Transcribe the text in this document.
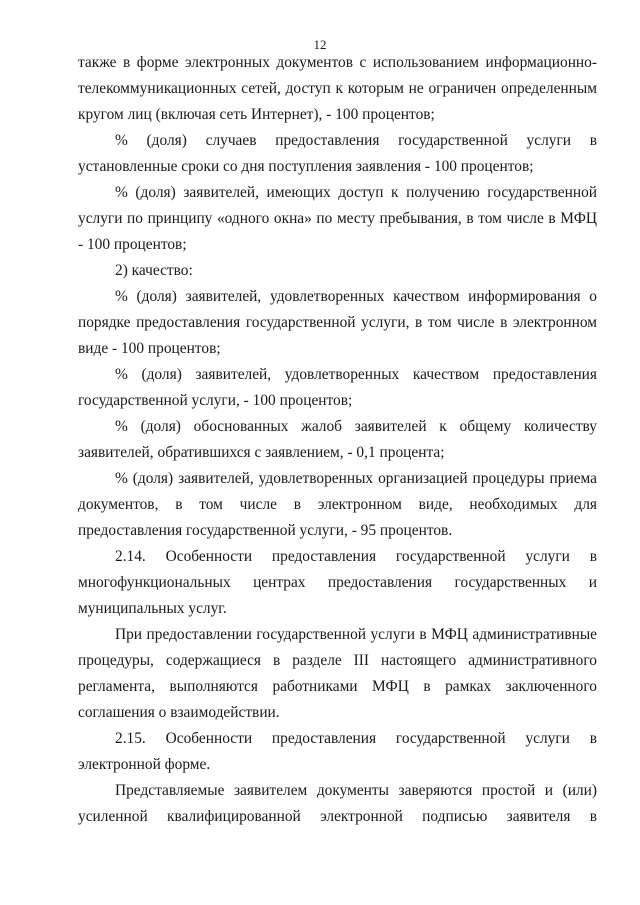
12

также в форме электронных документов с использованием информационно-телекоммуникационных сетей, доступ к которым не ограничен определенным кругом лиц (включая сеть Интернет), - 100 процентов;

% (доля) случаев предоставления государственной услуги в установленные сроки со дня поступления заявления - 100 процентов;

% (доля) заявителей, имеющих доступ к получению государственной услуги по принципу «одного окна» по месту пребывания, в том числе в МФЦ - 100 процентов;

2) качество:

% (доля) заявителей, удовлетворенных качеством информирования о порядке предоставления государственной услуги, в том числе в электронном виде - 100 процентов;

% (доля) заявителей, удовлетворенных качеством предоставления государственной услуги, - 100 процентов;

% (доля) обоснованных жалоб заявителей к общему количеству заявителей, обратившихся с заявлением, - 0,1 процента;

% (доля) заявителей, удовлетворенных организацией процедуры приема документов, в том числе в электронном виде, необходимых для предоставления государственной услуги, - 95 процентов.

2.14. Особенности предоставления государственной услуги в многофункциональных центрах предоставления государственных и муниципальных услуг.

При предоставлении государственной услуги в МФЦ административные процедуры, содержащиеся в разделе III настоящего административного регламента, выполняются работниками МФЦ в рамках заключенного соглашения о взаимодействии.

2.15. Особенности предоставления государственной услуги в электронной форме.

Представляемые заявителем документы заверяются простой и (или) усиленной квалифицированной электронной подписью заявителя в
